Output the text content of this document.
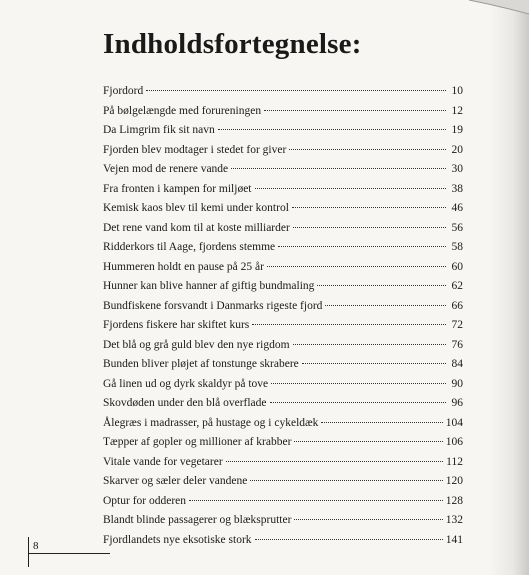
Indholdsfortegnelse:
Fjordord	10
På bølgelængde med forureningen	12
Da Limgrim fik sit navn	19
Fjorden blev modtager i stedet for giver	20
Vejen mod de renere vande	30
Fra fronten i kampen for miljøet	38
Kemisk kaos blev til kemi under kontrol	46
Det rene vand kom til at koste milliarder	56
Ridderkors til Aage, fjordens stemme	58
Hummeren holdt en pause på 25 år	60
Hunner kan blive hanner af giftig bundmaling	62
Bundfiskene forsvandt i Danmarks rigeste fjord	66
Fjordens fiskere har skiftet kurs	72
Det blå og grå guld blev den nye rigdom	76
Bunden bliver pløjet af tonstunge skrabere	84
Gå linen ud og dyrk skaldyr på tove	90
Skovdøden under den blå overflade	96
Ålegræs i madrasser, på hustage og i cykeldæk	104
Tæpper af gopler og millioner af krabber	106
Vitale vande for vegetarer	112
Skarver og sæler deler vandene	120
Optur for odderen	128
Blandt blinde passagerer og blæksprutter	132
Fjordlandets nye eksotiske stork	141
8
